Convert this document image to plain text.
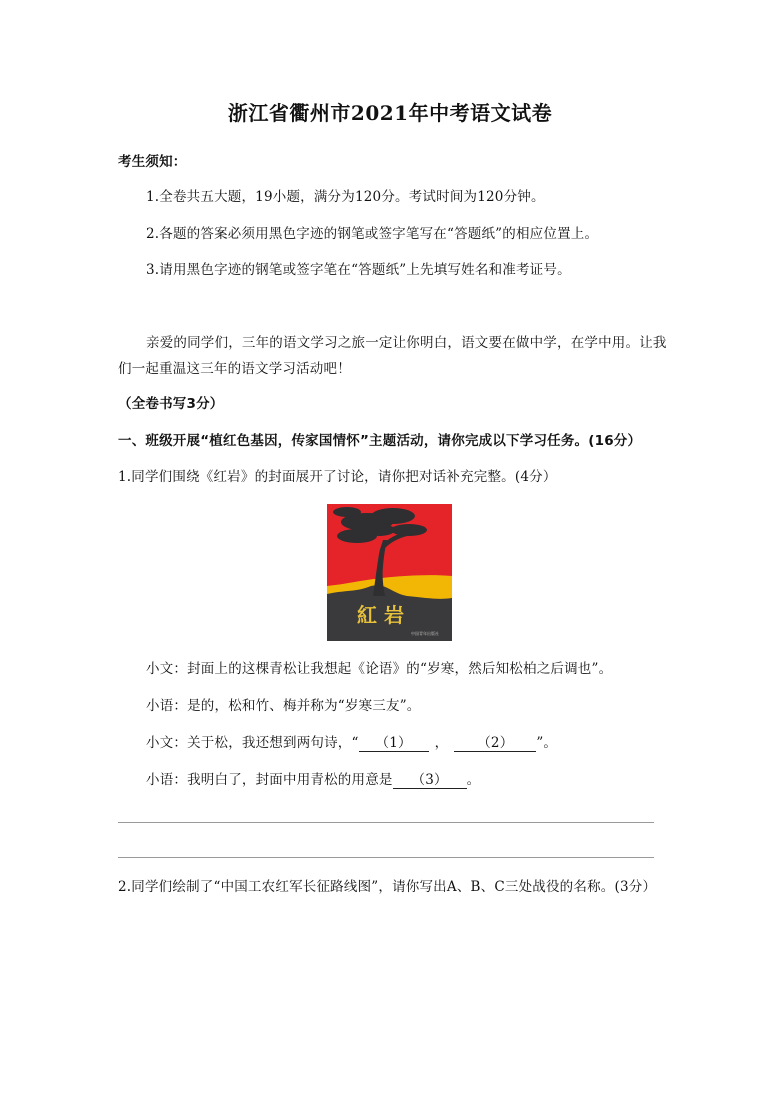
浙江省衢州市2021年中考语文试卷
考生须知：
1.全卷共五大题，19小题，满分为120分。考试时间为120分钟。
2.各题的答案必须用黑色字迹的钢笔或签字笔写在“答题纸”的相应位置上。
3.请用黑色字迹的钢笔或签字笔在“答题纸”上先填写姓名和准考证号。
亲爱的同学们，三年的语文学习之旅一定让你明白，语文要在做中学，在学中用。让我
们一起重温这三年的语文学习活动吧！
（全卷书写3分）
一、班级开展“植红色基因，传家国情怀”主题活动，请你完成以下学习任务。(16分）
1.同学们围绕《红岩》的封面展开了讨论，请你把对话补充完整。(4分）
紅 岩
中国青年出版社
小文：封面上的这棵青松让我想起《论语》的“岁寒，然后知松柏之后调也”。
小语：是的，松和竹、梅并称为“岁寒三友”。
小文：关于松，我还想到两句诗，“ （1） ， （2） ”。
小语：我明白了，封面中用青松的用意是 （3） 。
2.同学们绘制了“中国工农红军长征路线图”，请你写出A、B、C三处战役的名称。(3分）
